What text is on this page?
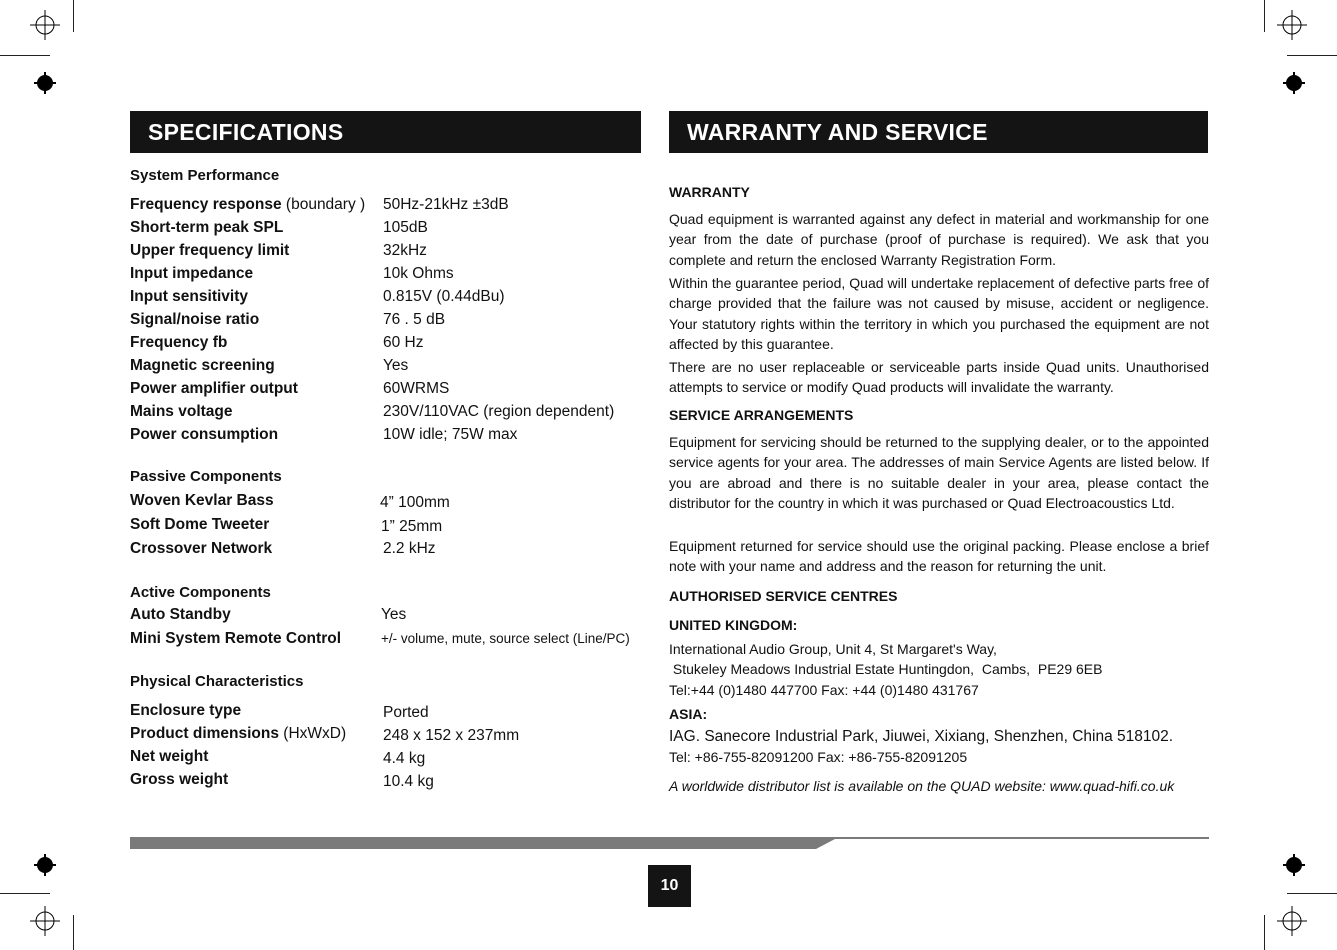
SPECIFICATIONS	WARRANTY AND SERVICE
System Performance
Frequency response (boundary ) 50Hz-21kHz ±3dB
Short-term peak SPL	105dB
Upper frequency limit	32kHz
Input impedance	10k Ohms
Input sensitivity	0.815V (0.44dBu)
Signal/noise ratio	76 . 5 dB
Frequency fb	60 Hz
Magnetic screening	Yes
Power amplifier output	60WRMS
Mains voltage	230V/110VAC (region dependent)
Power consumption	10W idle; 75W max
Passive Components
Woven Kevlar Bass	4” 100mm
Soft Dome Tweeter	1” 25mm
Crossover Network	2.2 kHz
Active Components
Auto Standby	Yes
Mini System Remote Control	+/- volume, mute, source select (Line/PC)
Physical Characteristics
Enclosure type	Ported
Product dimensions (HxWxD) 248 x 152 x 237mm
Net weight	4.4 kg
Gross weight	10.4 kg
WARRANTY

Quad equipment is warranted against any defect in material and workmanship for one year from the date of purchase (proof of purchase is required). We ask that you complete and return the enclosed Warranty Registration Form.

Within the guarantee period, Quad will undertake replacement of defective parts free of charge provided that the failure was not caused by misuse, accident or negligence. Your statutory rights within the territory in which you purchased the equipment are not affected by this guarantee.

There are no user replaceable or serviceable parts inside Quad units. Unauthorised attempts to service or modify Quad products will invalidate the warranty.

SERVICE ARRANGEMENTS

Equipment for servicing should be returned to the supplying dealer, or to the appointed service agents for your area. The addresses of main Service Agents are listed below. If you are abroad and there is no suitable dealer in your area, please contact the distributor for the country in which it was purchased or Quad Electroacoustics Ltd.

Equipment returned for service should use the original packing. Please enclose a brief note with your name and address and the reason for returning the unit.

AUTHORISED SERVICE CENTRES
UNITED KINGDOM:
International Audio Group, Unit 4, St Margaret's Way,
Stukeley Meadows Industrial Estate Huntingdon,  Cambs,  PE29 6EB
Tel:+44 (0)1480 447700 Fax: +44 (0)1480 431767
ASIA:
IAG. Sanecore Industrial Park, Jiuwei, Xixiang, Shenzhen, China 518102.
Tel: +86-755-82091200 Fax: +86-755-82091205
A worldwide distributor list is available on the QUAD website: www.quad-hifi.co.uk
10
